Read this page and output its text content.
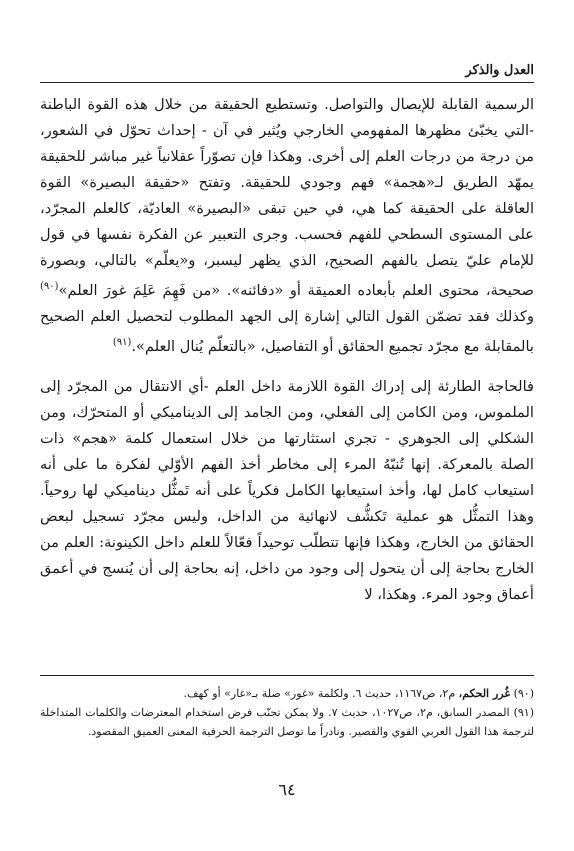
العدل والذكر

الرسمية القابلة للإيصال والتواصل. وتستطيع الحقيقة من خلال هذه القوة الباطنة -التي يخبّئ مظهرها المفهومي الخارجي ويُثير في آن - إحداث تحوّل في الشعور، من درجة من درجات العلم إلى أخرى. وهكذا فإن تصوّراً عقلانياً غير مباشر للحقيقة يمهّد الطريق لـ«هجمة» فهم وجودي للحقيقة. وتفتح «حقيقة البصيرة» القوة العاقلة على الحقيقة كما هي، في حين تبقى «البصيرة» العاديّة، كالعلم المجرّد، على المستوى السطحي للفهم فحسب. وجرى التعبير عن الفكرة نفسها في قول للإمام عليّ يتصل بالفهم الصحيح، الذي يظهر ليسبر، و«يعلّم» بالتالي، وبصورة صحيحة، محتوى العلم بأبعاده العميقة أو «دفائنه». «من فَهِمَ عَلِمَ غورَ العلم»$^{(٩٠)}$ وكذلك فقد تضمّن القول التالي إشارة إلى الجهد المطلوب لتحصيل العلم الصحيح بالمقابلة مع مجرّد تجميع الحقائق أو التفاصيل، «بالتعلّم يُنال العلم».$^{(٩١)}$

فالحاجة الطارئة إلى إدراك القوة اللازمة داخل العلم -أي الانتقال من المجرّد إلى الملموس، ومن الكامن إلى الفعلي، ومن الجامد إلى الديناميكي أو المتحرّك، ومن الشكلي إلى الجوهري - تجري استثارتها من خلال استعمال كلمة «هجم» ذات الصلة بالمعركة. إنها تُنبّهُ المرء إلى مخاطر أخذ الفهم الأوّلي لفكرة ما على أنه استيعاب كامل لها، وأخذ استيعابها الكامل فكرياً على أنه تَمثُّل ديناميكي لها روحياً. وهذا التمثُّل هو عملية تَكشُّف لانهائية من الداخل، وليس مجرّد تسجيل لبعض الحقائق من الخارج، وهكذا فإنها تتطلّب توحيداً فعّالاً للعلم داخل الكينونة: العلم من الخارج بحاجة إلى أن يتحول إلى وجود من داخل، إنه بحاجة إلى أن يُنسج في أعمق أعماق وجود المرء. وهكذا، لا

(٩٠) غُرر الحكم، م٢، ص١١٦٧، حديث ٦. ولكلمة «غور» صلة بـ«غار» أو كهف.

(٩١) المصدر السابق، م٢، ص١٠٢٧، حديث ٧. ولا يمكن تجنّب فرض استخدام المعترضات والكلمات المتداخلة لترجمة هذا القول العربي القوي والقصير. ونادراً ما توصل الترجمة الحرفية المعنى العميق المقصود.

٦٤
